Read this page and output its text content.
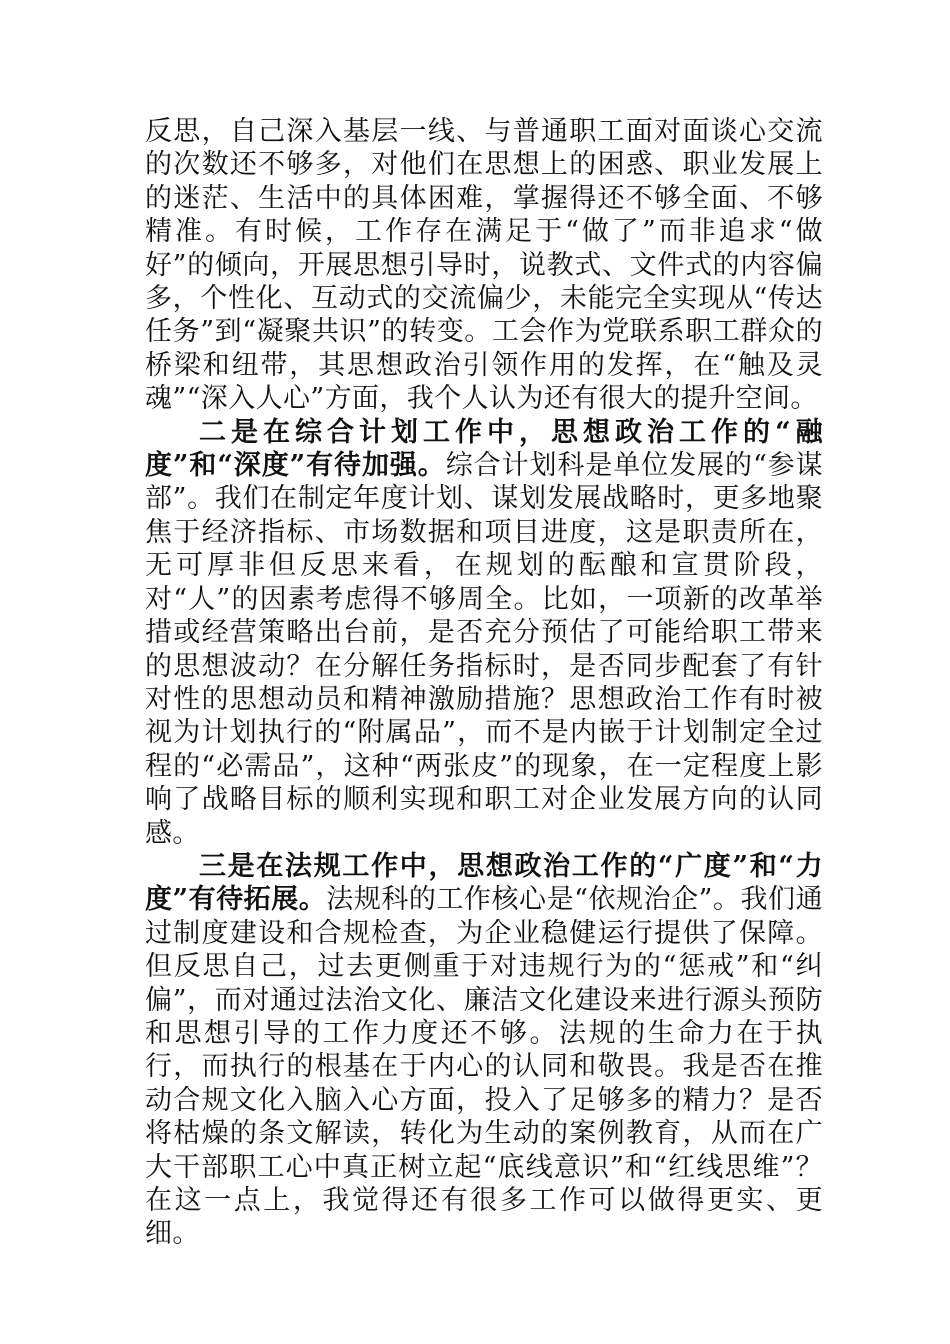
反思，自己深入基层一线、与普通职工面对面谈心交流的次数还不够多，对他们在思想上的困惑、职业发展上的迷茫、生活中的具体困难，掌握得还不够全面、不够精准。有时候，工作存在满足于“做了”而非追求“做好”的倾向，开展思想引导时，说教式、文件式的内容偏多，个性化、互动式的交流偏少，未能完全实现从“传达任务”到“凝聚共识”的转变。工会作为党联系职工群众的桥梁和纽带，其思想政治引领作用的发挥，在“触及灵魂”“深入人心”方面，我个人认为还有很大的提升空间。

二是在综合计划工作中，思想政治工作的“融度”和“深度”有待加强。综合计划科是单位发展的“参谋部”。我们在制定年度计划、谋划发展战略时，更多地聚焦于经济指标、市场数据和项目进度，这是职责所在，无可厚非但反思来看，在规划的酝酿和宣贯阶段，对“人”的因素考虑得不够周全。比如，一项新的改革举措或经营策略出台前，是否充分预估了可能给职工带来的思想波动？在分解任务指标时，是否同步配套了有针对性的思想动员和精神激励措施？思想政治工作有时被视为计划执行的“附属品”，而不是内嵌于计划制定全过程的“必需品”，这种“两张皮”的现象，在一定程度上影响了战略目标的顺利实现和职工对企业发展方向的认同感。

三是在法规工作中，思想政治工作的“广度”和“力度”有待拓展。法规科的工作核心是“依规治企”。我们通过制度建设和合规检查，为企业稳健运行提供了保障。但反思自己，过去更侧重于对违规行为的“惩戒”和“纠偏”，而对通过法治文化、廉洁文化建设来进行源头预防和思想引导的工作力度还不够。法规的生命力在于执行，而执行的根基在于内心的认同和敬畏。我是否在推动合规文化入脑入心方面，投入了足够多的精力？是否将枯燥的条文解读，转化为生动的案例教育，从而在广大干部职工心中真正树立起“底线意识”和“红线思维”？在这一点上，我觉得还有很多工作可以做得更实、更细。
